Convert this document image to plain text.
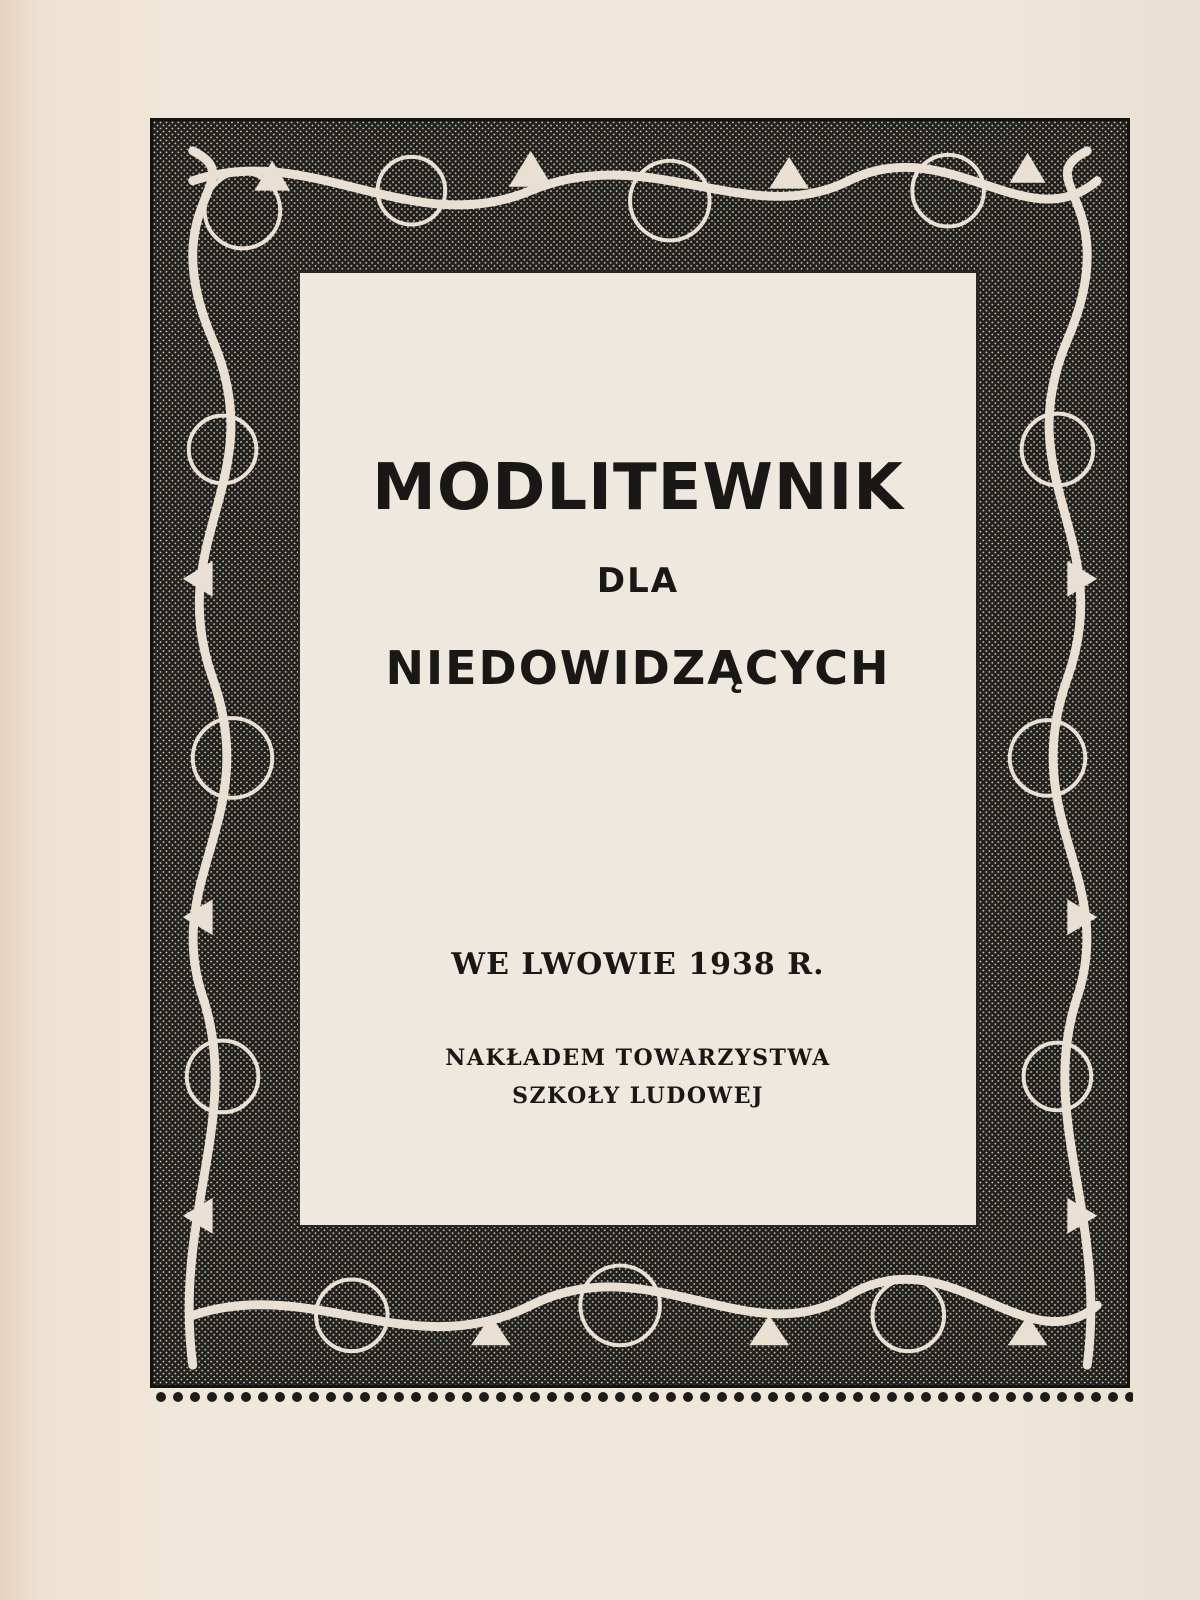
MODLITEWNIK
DLA
NIEDOWIDZĄCYCH
WE LWOWIE 1938 R.
NAKŁADEM TOWARZYSTWA
SZKOŁY LUDOWEJ
